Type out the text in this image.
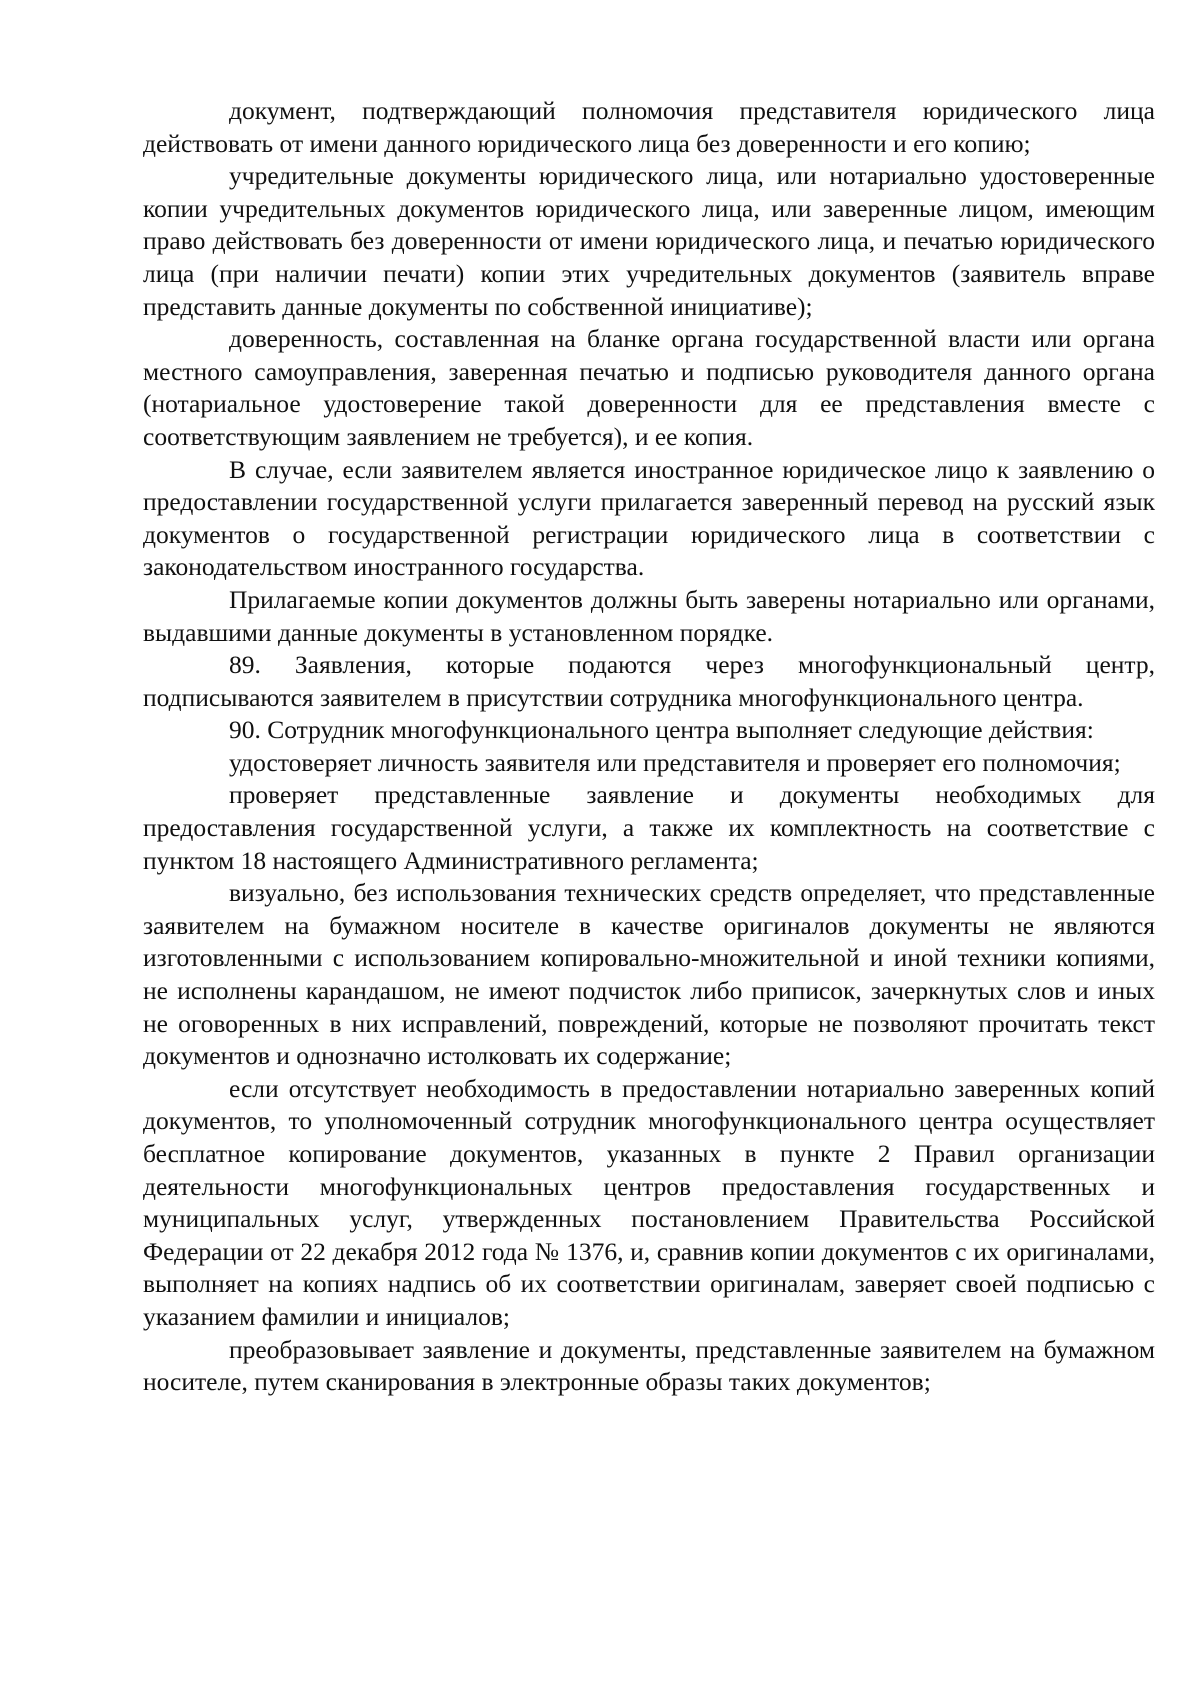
документ, подтверждающий полномочия представителя юридического лица действовать от имени данного юридического лица без доверенности и его копию;

учредительные документы юридического лица, или нотариально удостоверенные копии учредительных документов юридического лица, или заверенные лицом, имеющим право действовать без доверенности от имени юридического лица, и печатью юридического лица (при наличии печати) копии этих учредительных документов (заявитель вправе представить данные документы по собственной инициативе);

доверенность, составленная на бланке органа государственной власти или органа местного самоуправления, заверенная печатью и подписью руководителя данного органа (нотариальное удостоверение такой доверенности для ее представления вместе с соответствующим заявлением не требуется), и ее копия.

В случае, если заявителем является иностранное юридическое лицо к заявлению о предоставлении государственной услуги прилагается заверенный перевод на русский язык документов о государственной регистрации юридического лица в соответствии с законодательством иностранного государства.

Прилагаемые копии документов должны быть заверены нотариально или органами, выдавшими данные документы в установленном порядке.

89. Заявления, которые подаются через многофункциональный центр, подписываются заявителем в присутствии сотрудника многофункционального центра.

90. Сотрудник многофункционального центра выполняет следующие действия:

удостоверяет личность заявителя или представителя и проверяет его полномочия;

проверяет представленные заявление и документы необходимых для предоставления государственной услуги, а также их комплектность на соответствие с пунктом 18 настоящего Административного регламента;

визуально, без использования технических средств определяет, что представленные заявителем на бумажном носителе в качестве оригиналов документы не являются изготовленными с использованием копировально-множительной и иной техники копиями, не исполнены карандашом, не имеют подчисток либо приписок, зачеркнутых слов и иных не оговоренных в них исправлений, повреждений, которые не позволяют прочитать текст документов и однозначно истолковать их содержание;

если отсутствует необходимость в предоставлении нотариально заверенных копий документов, то уполномоченный сотрудник многофункционального центра осуществляет бесплатное копирование документов, указанных в пункте 2 Правил организации деятельности многофункциональных центров предоставления государственных и муниципальных услуг, утвержденных постановлением Правительства Российской Федерации от 22 декабря 2012 года № 1376, и, сравнив копии документов с их оригиналами, выполняет на копиях надпись об их соответствии оригиналам, заверяет своей подписью с указанием фамилии и инициалов;

преобразовывает заявление и документы, представленные заявителем на бумажном носителе, путем сканирования в электронные образы таких документов;
